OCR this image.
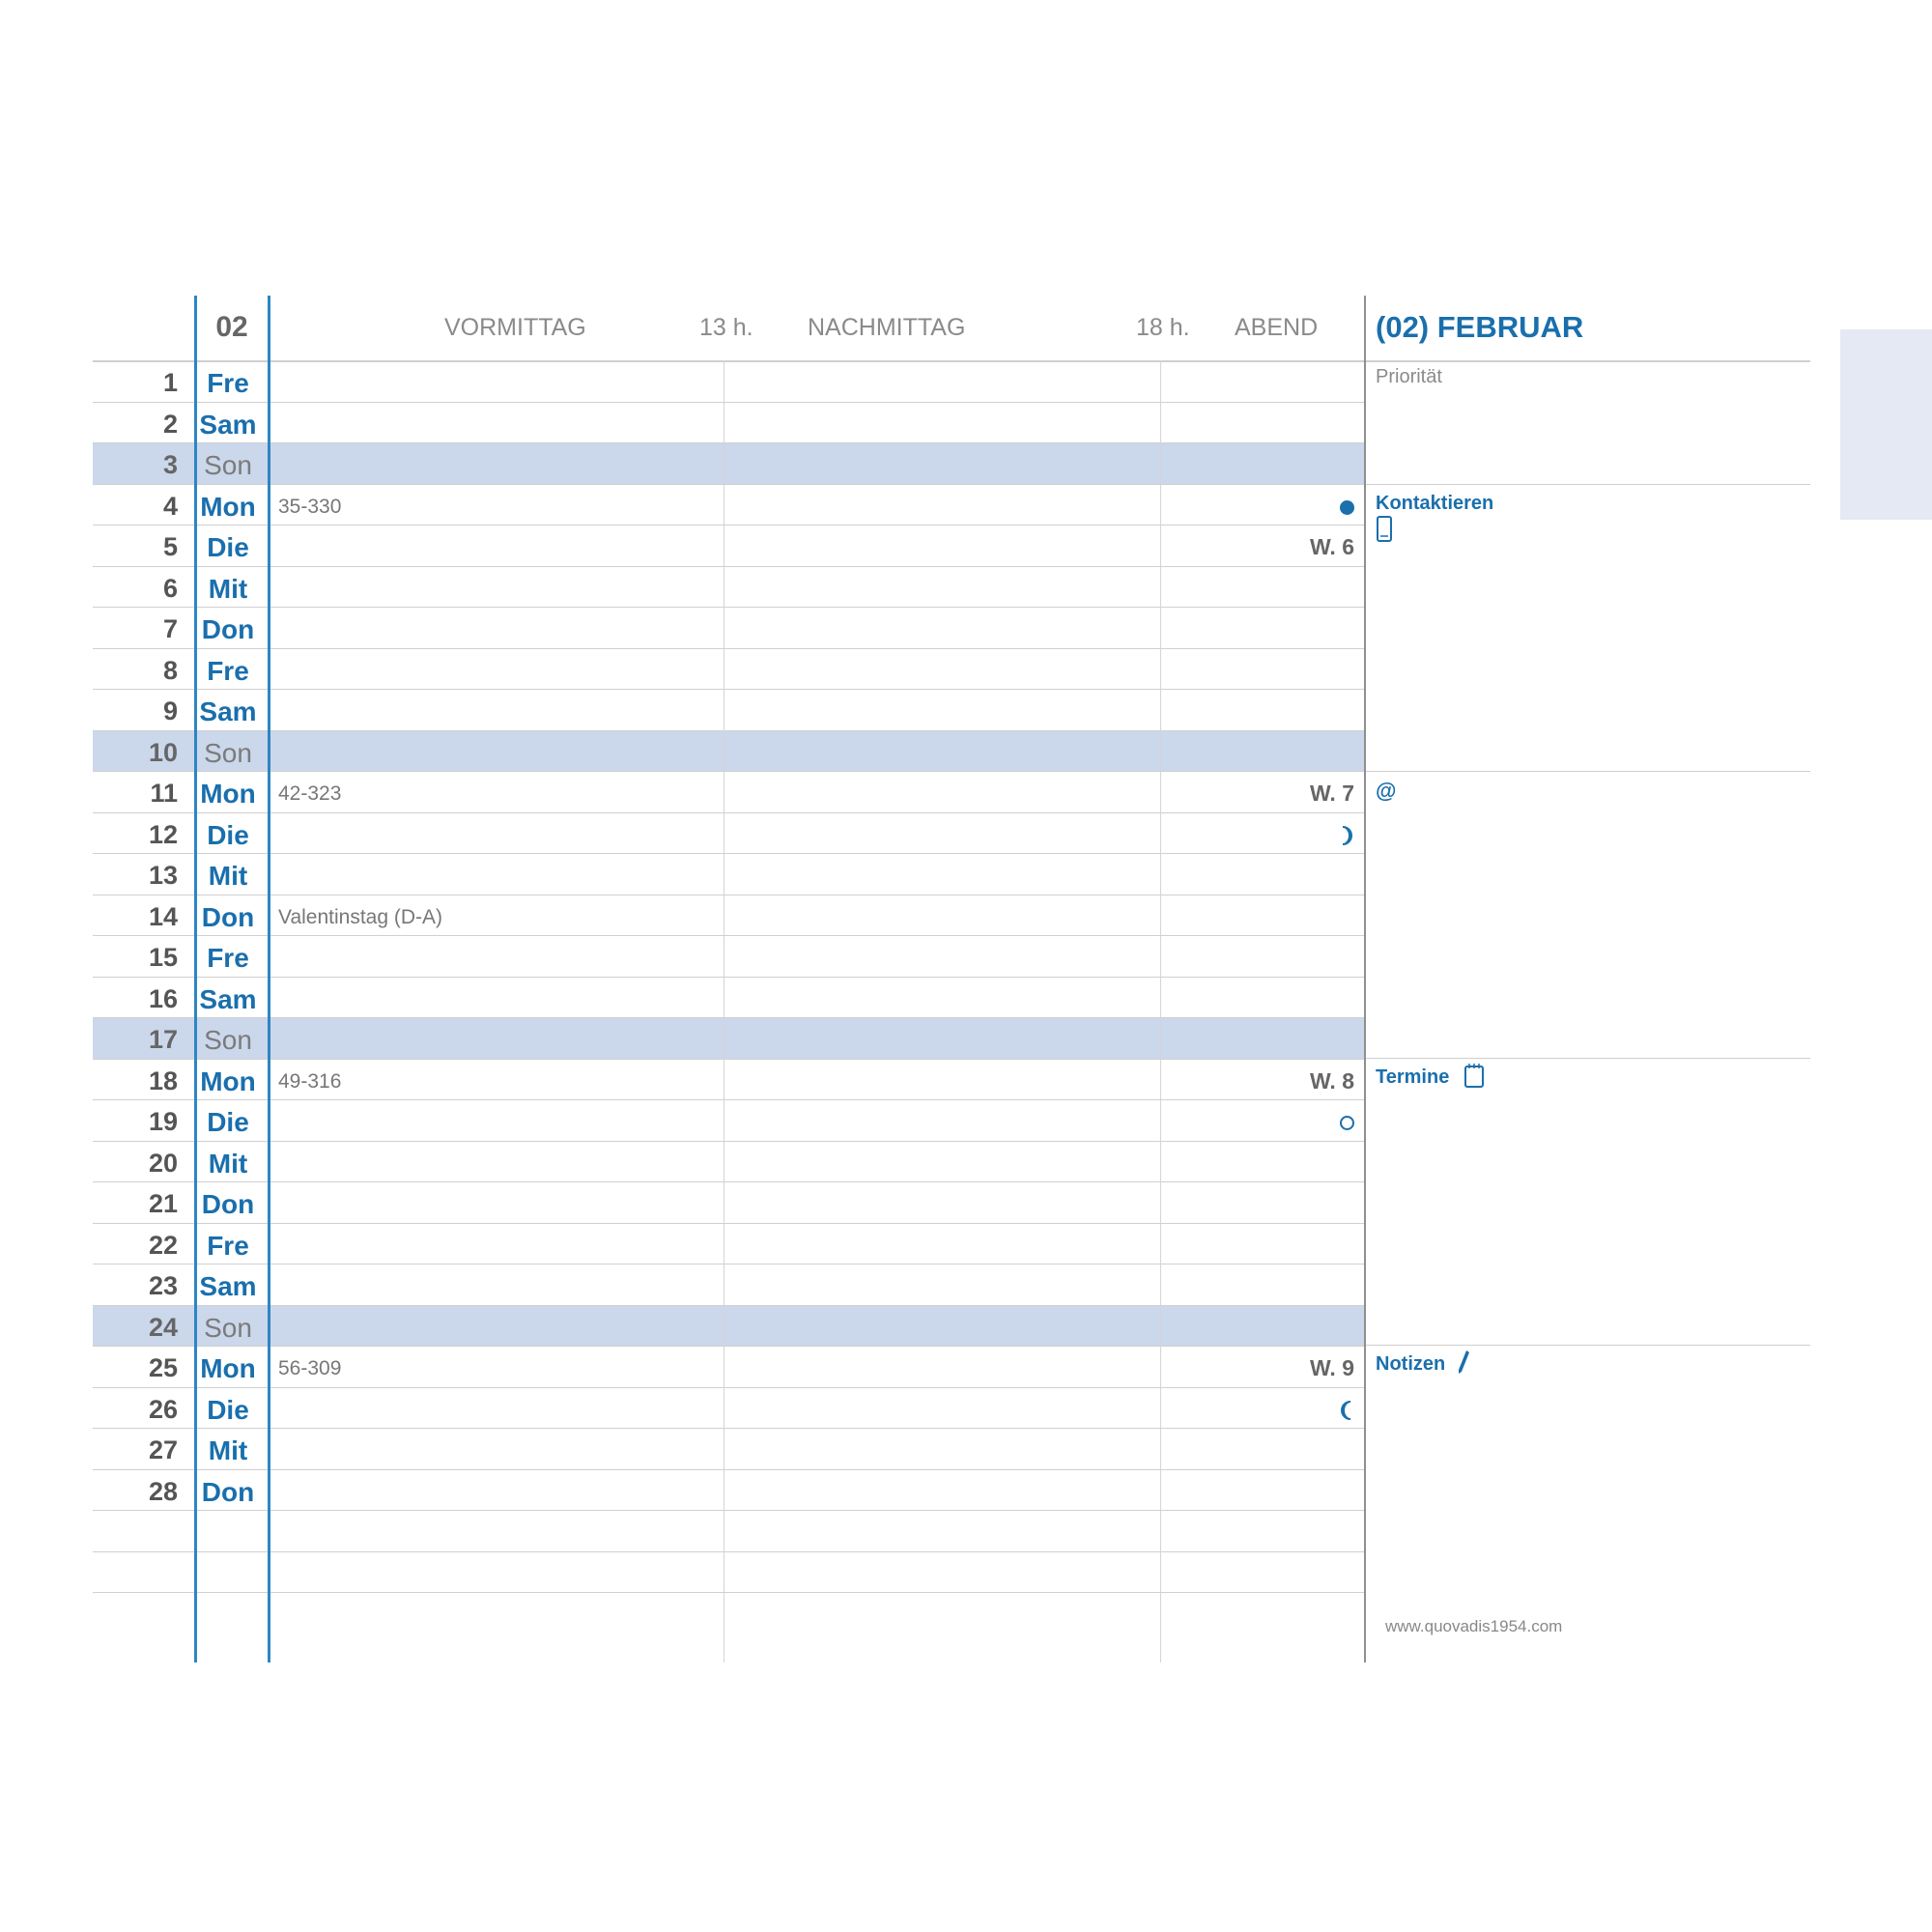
02	VORMITTAG	13 h. NACHMITTAG	18 h. ABEND (02) FEBRUAR
1	Fre
2 Sam
3 Son
4 Mon 35-330
5	Die	W. 6
6	Mit
7 Don
8	Fre
9 Sam
10 Son
11 Mon 42-323	W. 7
12	Die
13	Mit
14 Don Valentinstag (D-A)
15	Fre
16 Sam
17 Son
18 Mon 49-316	W. 8
19	Die
20	Mit
21 Don
22	Fre
23 Sam
24 Son
25 Mon 56-309	W. 9
26	Die
27	Mit
28 Don
Priorität
Kontaktieren
@
Termine
Notizen
www.quovadis1954.com
